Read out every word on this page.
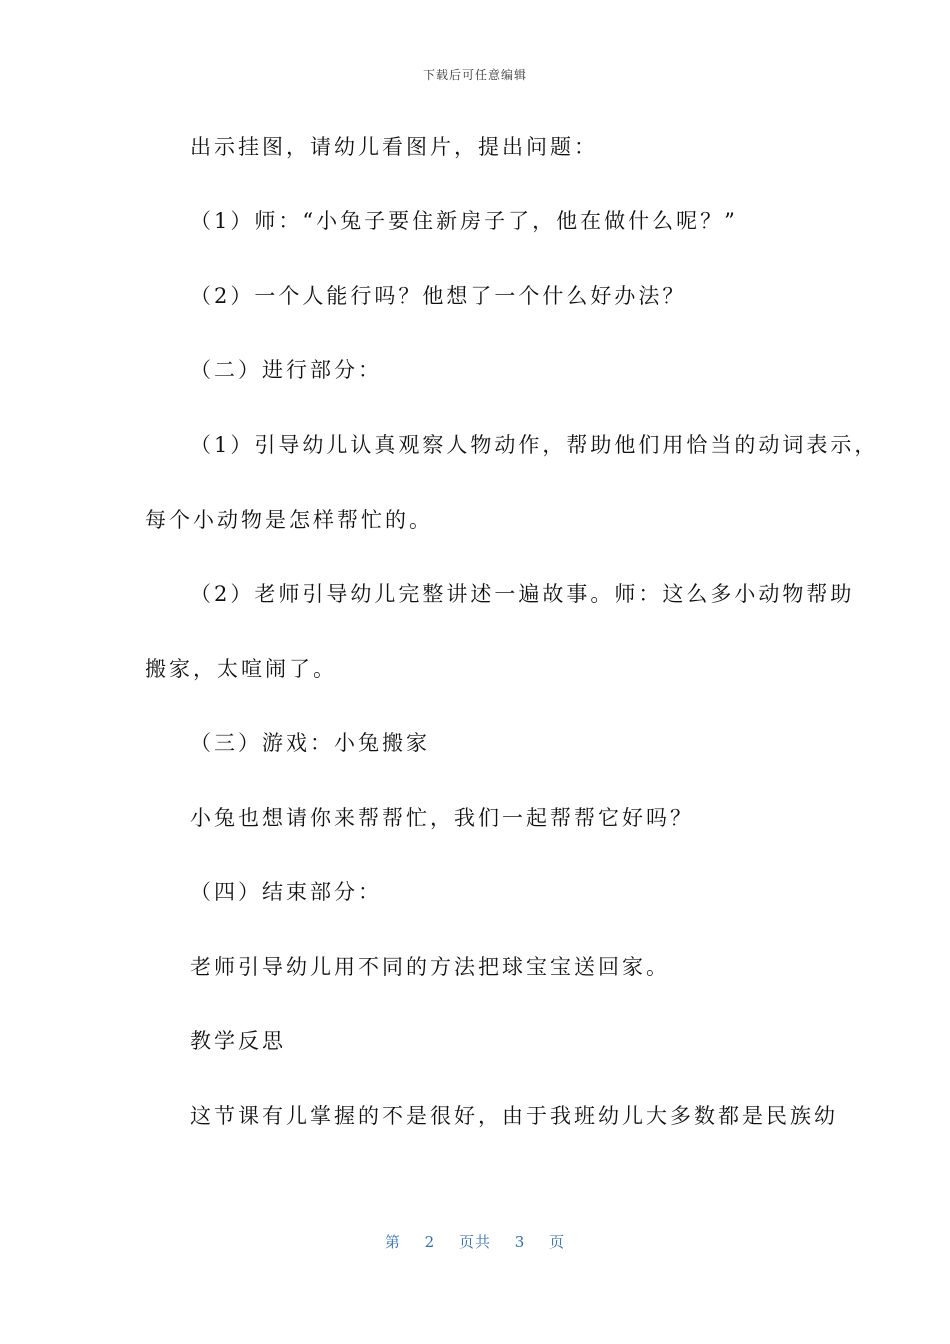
下载后可任意编辑
出示挂图，请幼儿看图片，提出问题：
（1）师：“小兔子要住新房子了，他在做什么呢？”
（2）一个人能行吗？他想了一个什么好办法？
（二）进行部分：
（1）引导幼儿认真观察人物动作，帮助他们用恰当的动词表示，
每个小动物是怎样帮忙的。
（2）老师引导幼儿完整讲述一遍故事。师：这么多小动物帮助
搬家，太喧闹了。
（三）游戏：小兔搬家
小兔也想请你来帮帮忙，我们一起帮帮它好吗？
（四）结束部分：
老师引导幼儿用不同的方法把球宝宝送回家。
教学反思
这节课有儿掌握的不是很好，由于我班幼儿大多数都是民族幼
第 2 页共 3 页
